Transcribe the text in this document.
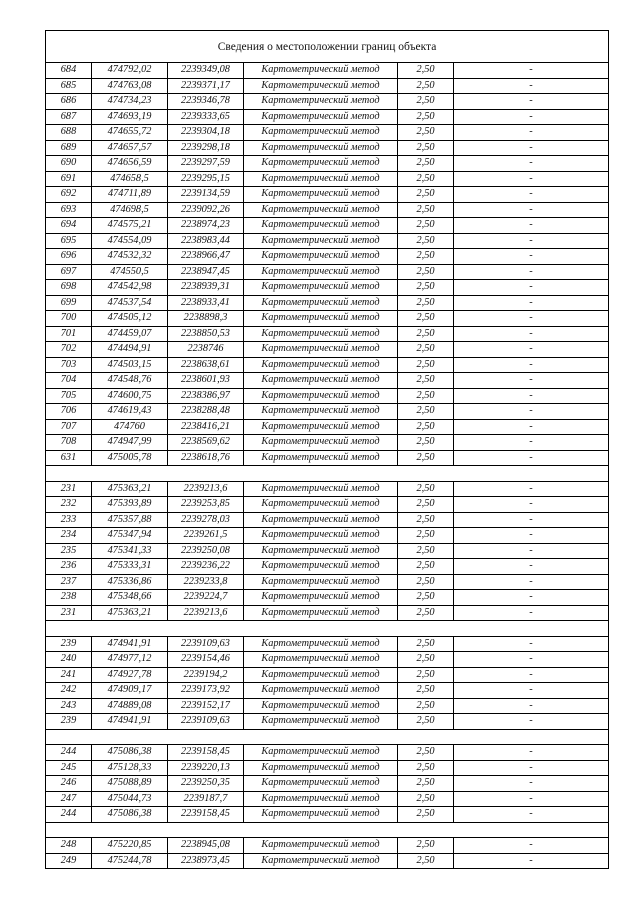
Сведения о местоположении границ объекта					
684	474792,02	2239349,08	Картометрический метод	2,50	-
685	474763,08	2239371,17	Картометрический метод	2,50	-
686	474734,23	2239346,78	Картометрический метод	2,50	-
687	474693,19	2239333,65	Картометрический метод	2,50	-
688	474655,72	2239304,18	Картометрический метод	2,50	-
689	474657,57	2239298,18	Картометрический метод	2,50	-
690	474656,59	2239297,59	Картометрический метод	2,50	-
691	474658,5	2239295,15	Картометрический метод	2,50	-
692	474711,89	2239134,59	Картометрический метод	2,50	-
693	474698,5	2239092,26	Картометрический метод	2,50	-
694	474575,21	2238974,23	Картометрический метод	2,50	-
695	474554,09	2238983,44	Картометрический метод	2,50	-
696	474532,32	2238966,47	Картометрический метод	2,50	-
697	474550,5	2238947,45	Картометрический метод	2,50	-
698	474542,98	2238939,31	Картометрический метод	2,50	-
699	474537,54	2238933,41	Картометрический метод	2,50	-
700	474505,12	2238898,3	Картометрический метод	2,50	-
701	474459,07	2238850,53	Картометрический метод	2,50	-
702	474494,91	2238746	Картометрический метод	2,50	-
703	474503,15	2238638,61	Картометрический метод	2,50	-
704	474548,76	2238601,93	Картометрический метод	2,50	-
705	474600,75	2238386,97	Картометрический метод	2,50	-
706	474619,43	2238288,48	Картометрический метод	2,50	-
707	474760	2238416,21	Картометрический метод	2,50	-
708	474947,99	2238569,62	Картометрический метод	2,50	-
631	475005,78	2238618,76	Картометрический метод	2,50	-

231	475363,21	2239213,6	Картометрический метод	2,50	-
232	475393,89	2239253,85	Картометрический метод	2,50	-
233	475357,88	2239278,03	Картометрический метод	2,50	-
234	475347,94	2239261,5	Картометрический метод	2,50	-
235	475341,33	2239250,08	Картометрический метод	2,50	-
236	475333,31	2239236,22	Картометрический метод	2,50	-
237	475336,86	2239233,8	Картометрический метод	2,50	-
238	475348,66	2239224,7	Картометрический метод	2,50	-
231	475363,21	2239213,6	Картометрический метод	2,50	-

239	474941,91	2239109,63	Картометрический метод	2,50	-
240	474977,12	2239154,46	Картометрический метод	2,50	-
241	474927,78	2239194,2	Картометрический метод	2,50	-
242	474909,17	2239173,92	Картометрический метод	2,50	-
243	474889,08	2239152,17	Картометрический метод	2,50	-
239	474941,91	2239109,63	Картометрический метод	2,50	-

244	475086,38	2239158,45	Картометрический метод	2,50	-
245	475128,33	2239220,13	Картометрический метод	2,50	-
246	475088,89	2239250,35	Картометрический метод	2,50	-
247	475044,73	2239187,7	Картометрический метод	2,50	-
244	475086,38	2239158,45	Картометрический метод	2,50	-

248	475220,85	2238945,08	Картометрический метод	2,50	-
249	475244,78	2238973,45	Картометрический метод	2,50	-
